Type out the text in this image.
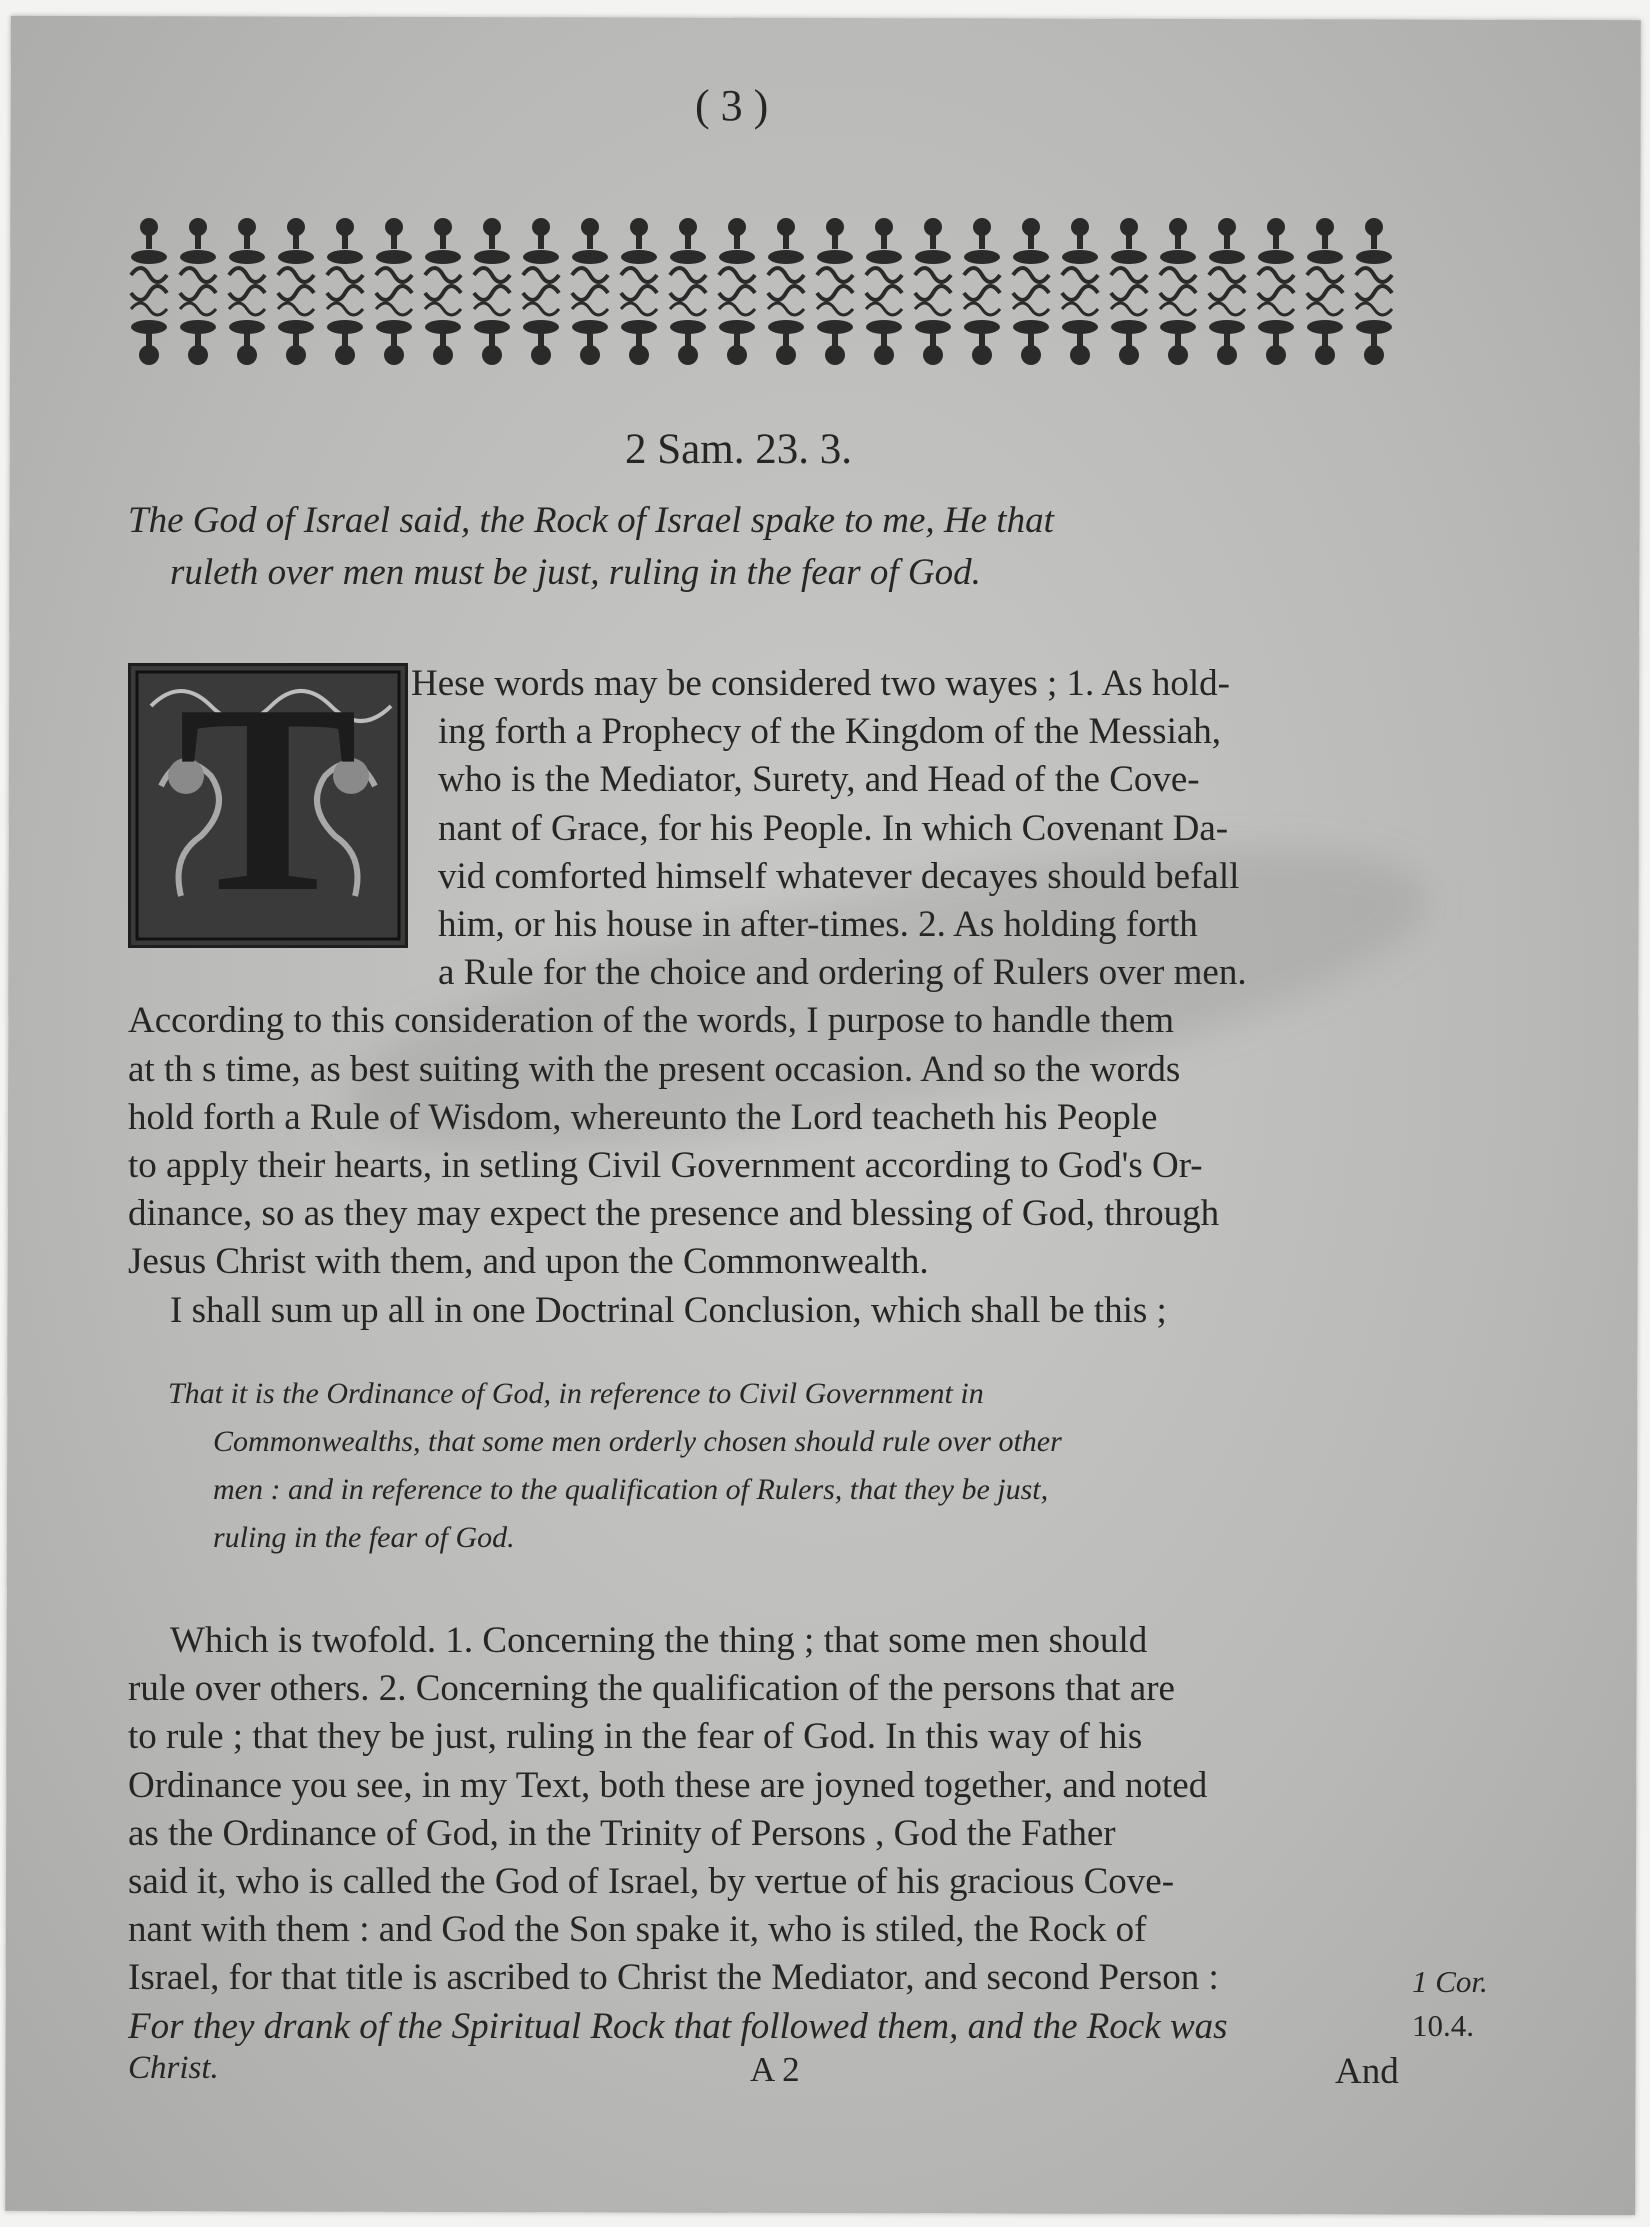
( 3 )
2 Sam. 23. 3.
The God of Israel said, the Rock of Israel spake to me, He that
ruleth over men must be just, ruling in the fear of God.
T	Hese words may be considered two wayes ; 1. As hold-
ing forth a Prophecy of the Kingdom of the Messiah,
who is the Mediator, Surety, and Head of the Cove-
nant of Grace, for his People. In which Covenant Da-
vid comforted himself whatever decayes should befall
him, or his house in after-times. 2. As holding forth
a Rule for the choice and ordering of Rulers over men.
According to this consideration of the words, I purpose to handle them
at th s time, as best suiting with the present occasion. And so the words
hold forth a Rule of Wisdom, whereunto the Lord teacheth his People
to apply their hearts, in setling Civil Government according to God's Or-
dinance, so as they may expect the presence and blessing of God, through
Jesus Christ with them, and upon the Commonwealth.
I shall sum up all in one Doctrinal Conclusion, which shall be this ;
That it is the Ordinance of God, in reference to Civil Government in
Commonwealths, that some men orderly chosen should rule over other
men : and in reference to the qualification of Rulers, that they be just,
ruling in the fear of God.
Which is twofold. 1. Concerning the thing ; that some men should
rule over others. 2. Concerning the qualification of the persons that are
to rule ; that they be just, ruling in the fear of God. In this way of his
Ordinance you see, in my Text, both these are joyned together, and noted
as the Ordinance of God, in the Trinity of Persons , God the Father
said it, who is called the God of Israel, by vertue of his gracious Cove-
nant with them : and God the Son spake it, who is stiled, the Rock of
Israel, for that title is ascribed to Christ the Mediator, and second Person :
For they drank of the Spiritual Rock that followed them, and the Rock was
Christ.	A 2	And
1 Cor.
10.4.
